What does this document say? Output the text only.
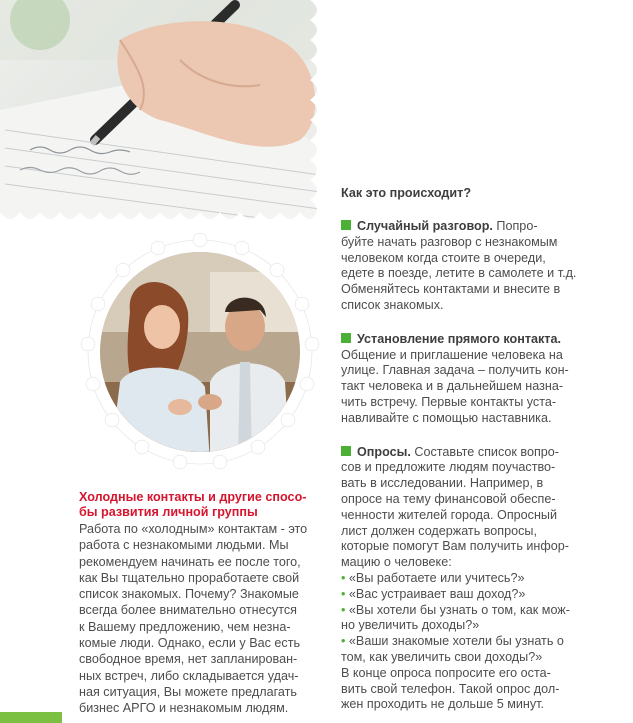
Холодные контакты и другие спосо-
бы развития личной группы

Работа по «холодным» контактам - это
работа с незнакомыми людьми. Мы
рекомендуем начинать ее после того,
как Вы тщательно проработаете свой
список знакомых. Почему? Знакомые
всегда более внимательно отнесутся
к Вашему предложению, чем незна-
комые люди. Однако, если у Вас есть
свободное время, нет запланирован-
ных встреч, либо складывается удач-
ная ситуация, Вы можете предлагать
бизнес АРГО и незнакомым людям.

Как это происходит?

Случайный разговор. Попро-
буйте начать разговор с незнакомым
человеком когда стоите в очереди,
едете в поезде, летите в самолете и т.д.
Обменяйтесь контактами и внесите в
список знакомых.

Установление прямого контакта.
Общение и приглашение человека на
улице. Главная задача – получить кон-
такт человека и в дальнейшем назна-
чить встречу. Первые контакты уста-
навливайте с помощью наставника.

Опросы. Составьте список вопро-
сов и предложите людям поучаство-
вать в исследовании. Например, в
опросе на тему финансовой обеспе-
ченности жителей города. Опросный
лист должен содержать вопросы,
которые помогут Вам получить инфор-
мацию о человеке:

• «Вы работаете или учитесь?»
• «Вас устраивает ваш доход?»
• «Вы хотели бы узнать о том, как мож-
но увеличить доходы?»
• «Ваши знакомые хотели бы узнать о
том, как увеличить свои доходы?»

В конце опроса попросите его оста-
вить свой телефон. Такой опрос дол-
жен проходить не дольше 5 минут.
